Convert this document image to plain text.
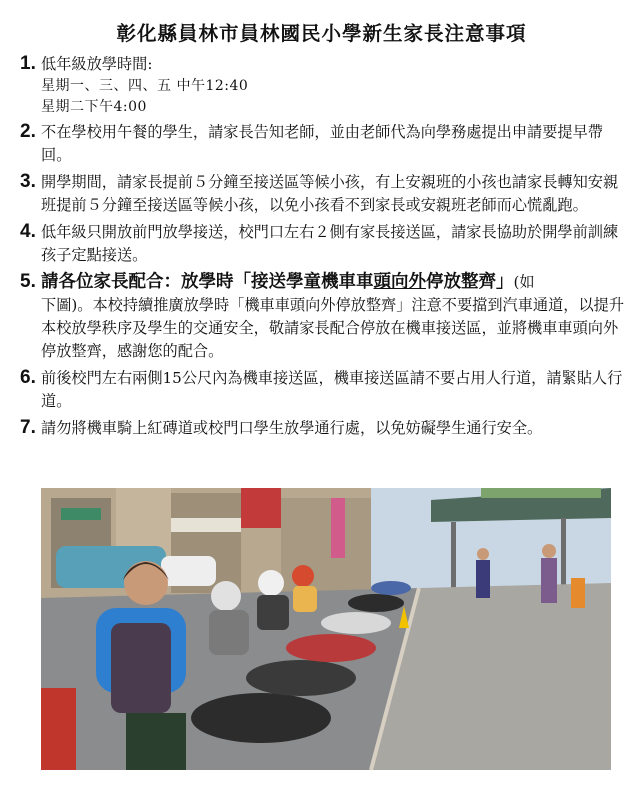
彰化縣員林市員林國民小學新生家長注意事項
1. 低年級放學時間:
星期一、三、四、五 中午12:40
星期二下午4:00
2. 不在學校用午餐的學生，請家長告知老師，並由老師代為向學務處提出申請要提早帶回。
3. 開學期間，請家長提前５分鐘至接送區等候小孩，有上安親班的小孩也請家長轉知安親班提前５分鐘至接送區等候小孩，以免小孩看不到家長或安親班老師而心慌亂跑。
4. 低年級只開放前門放學接送，校門口左右２側有家長接送區，請家長協助於開學前訓練孩子定點接送。
5. 請各位家長配合：放學時「接送學童機車車頭向外停放整齊」(如
下圖)。本校持續推廣放學時「機車車頭向外停放整齊」注意不要擋到汽車通道，以提升本校放學秩序及學生的交通安全，敬請家長配合停放在機車接送區，並將機車車頭向外停放整齊，感謝您的配合。
6. 前後校門左右兩側15公尺內為機車接送區，機車接送區請不要占用人行道，請緊貼人行道。
7. 請勿將機車騎上紅磚道或校門口學生放學通行處，以免妨礙學生通行安全。
